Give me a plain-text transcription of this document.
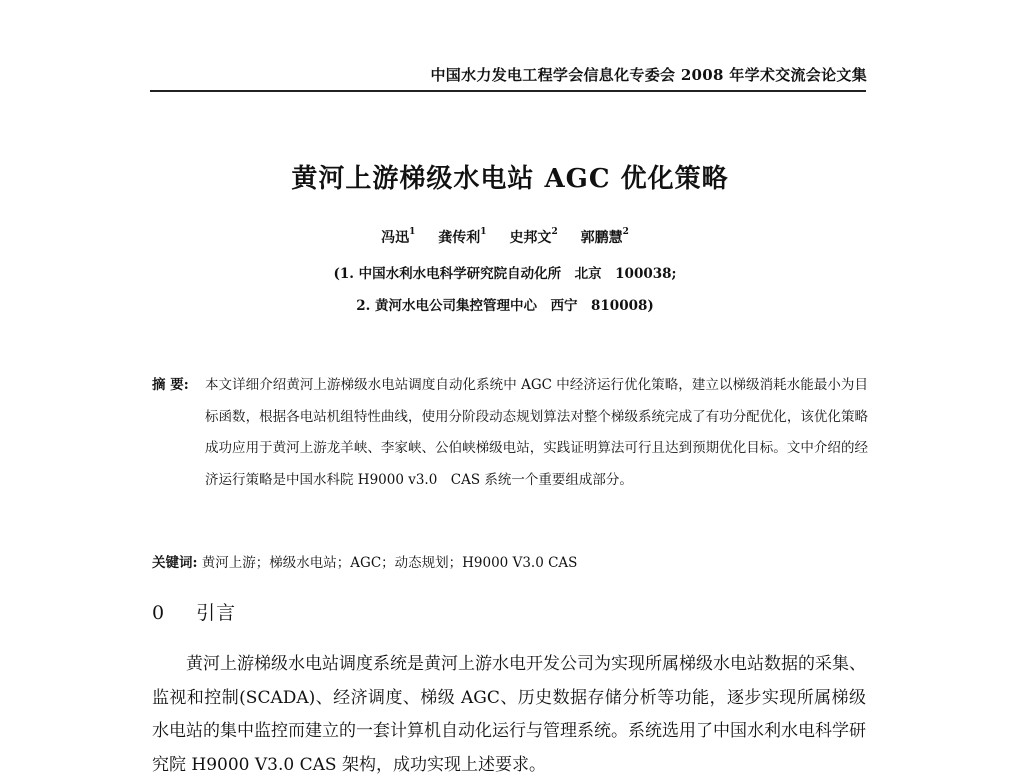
中国水力发电工程学会信息化专委会 2008 年学术交流会论文集
黄河上游梯级水电站 AGC 优化策略
冯迅$^1$ 龚传利$^1$ 史邦文$^2$ 郭鹏慧$^2$
(1. 中国水利水电科学研究院自动化所　北京　100038;
2. 黄河水电公司集控管理中心　西宁　810008)
摘 要: 本文详细介绍黄河上游梯级水电站调度自动化系统中 AGC 中经济运行优化策略，建立以梯级消耗水能最小为目标函数，根据各电站机组特性曲线，使用分阶段动态规划算法对整个梯级系统完成了有功分配优化，该优化策略成功应用于黄河上游龙羊峡、李家峡、公伯峡梯级电站，实践证明算法可行且达到预期优化目标。文中介绍的经济运行策略是中国水科院 H9000 v3.0　CAS 系统一个重要组成部分。
关键词: 黄河上游；梯级水电站；AGC；动态规划；H9000 V3.0 CAS
0 引言
黄河上游梯级水电站调度系统是黄河上游水电开发公司为实现所属梯级水电站数据的采集、监视和控制(SCADA)、经济调度、梯级 AGC、历史数据存储分析等功能，逐步实现所属梯级水电站的集中监控而建立的一套计算机自动化运行与管理系统。系统选用了中国水利水电科学研究院 H9000 V3.0 CAS 架构，成功实现上述要求。
